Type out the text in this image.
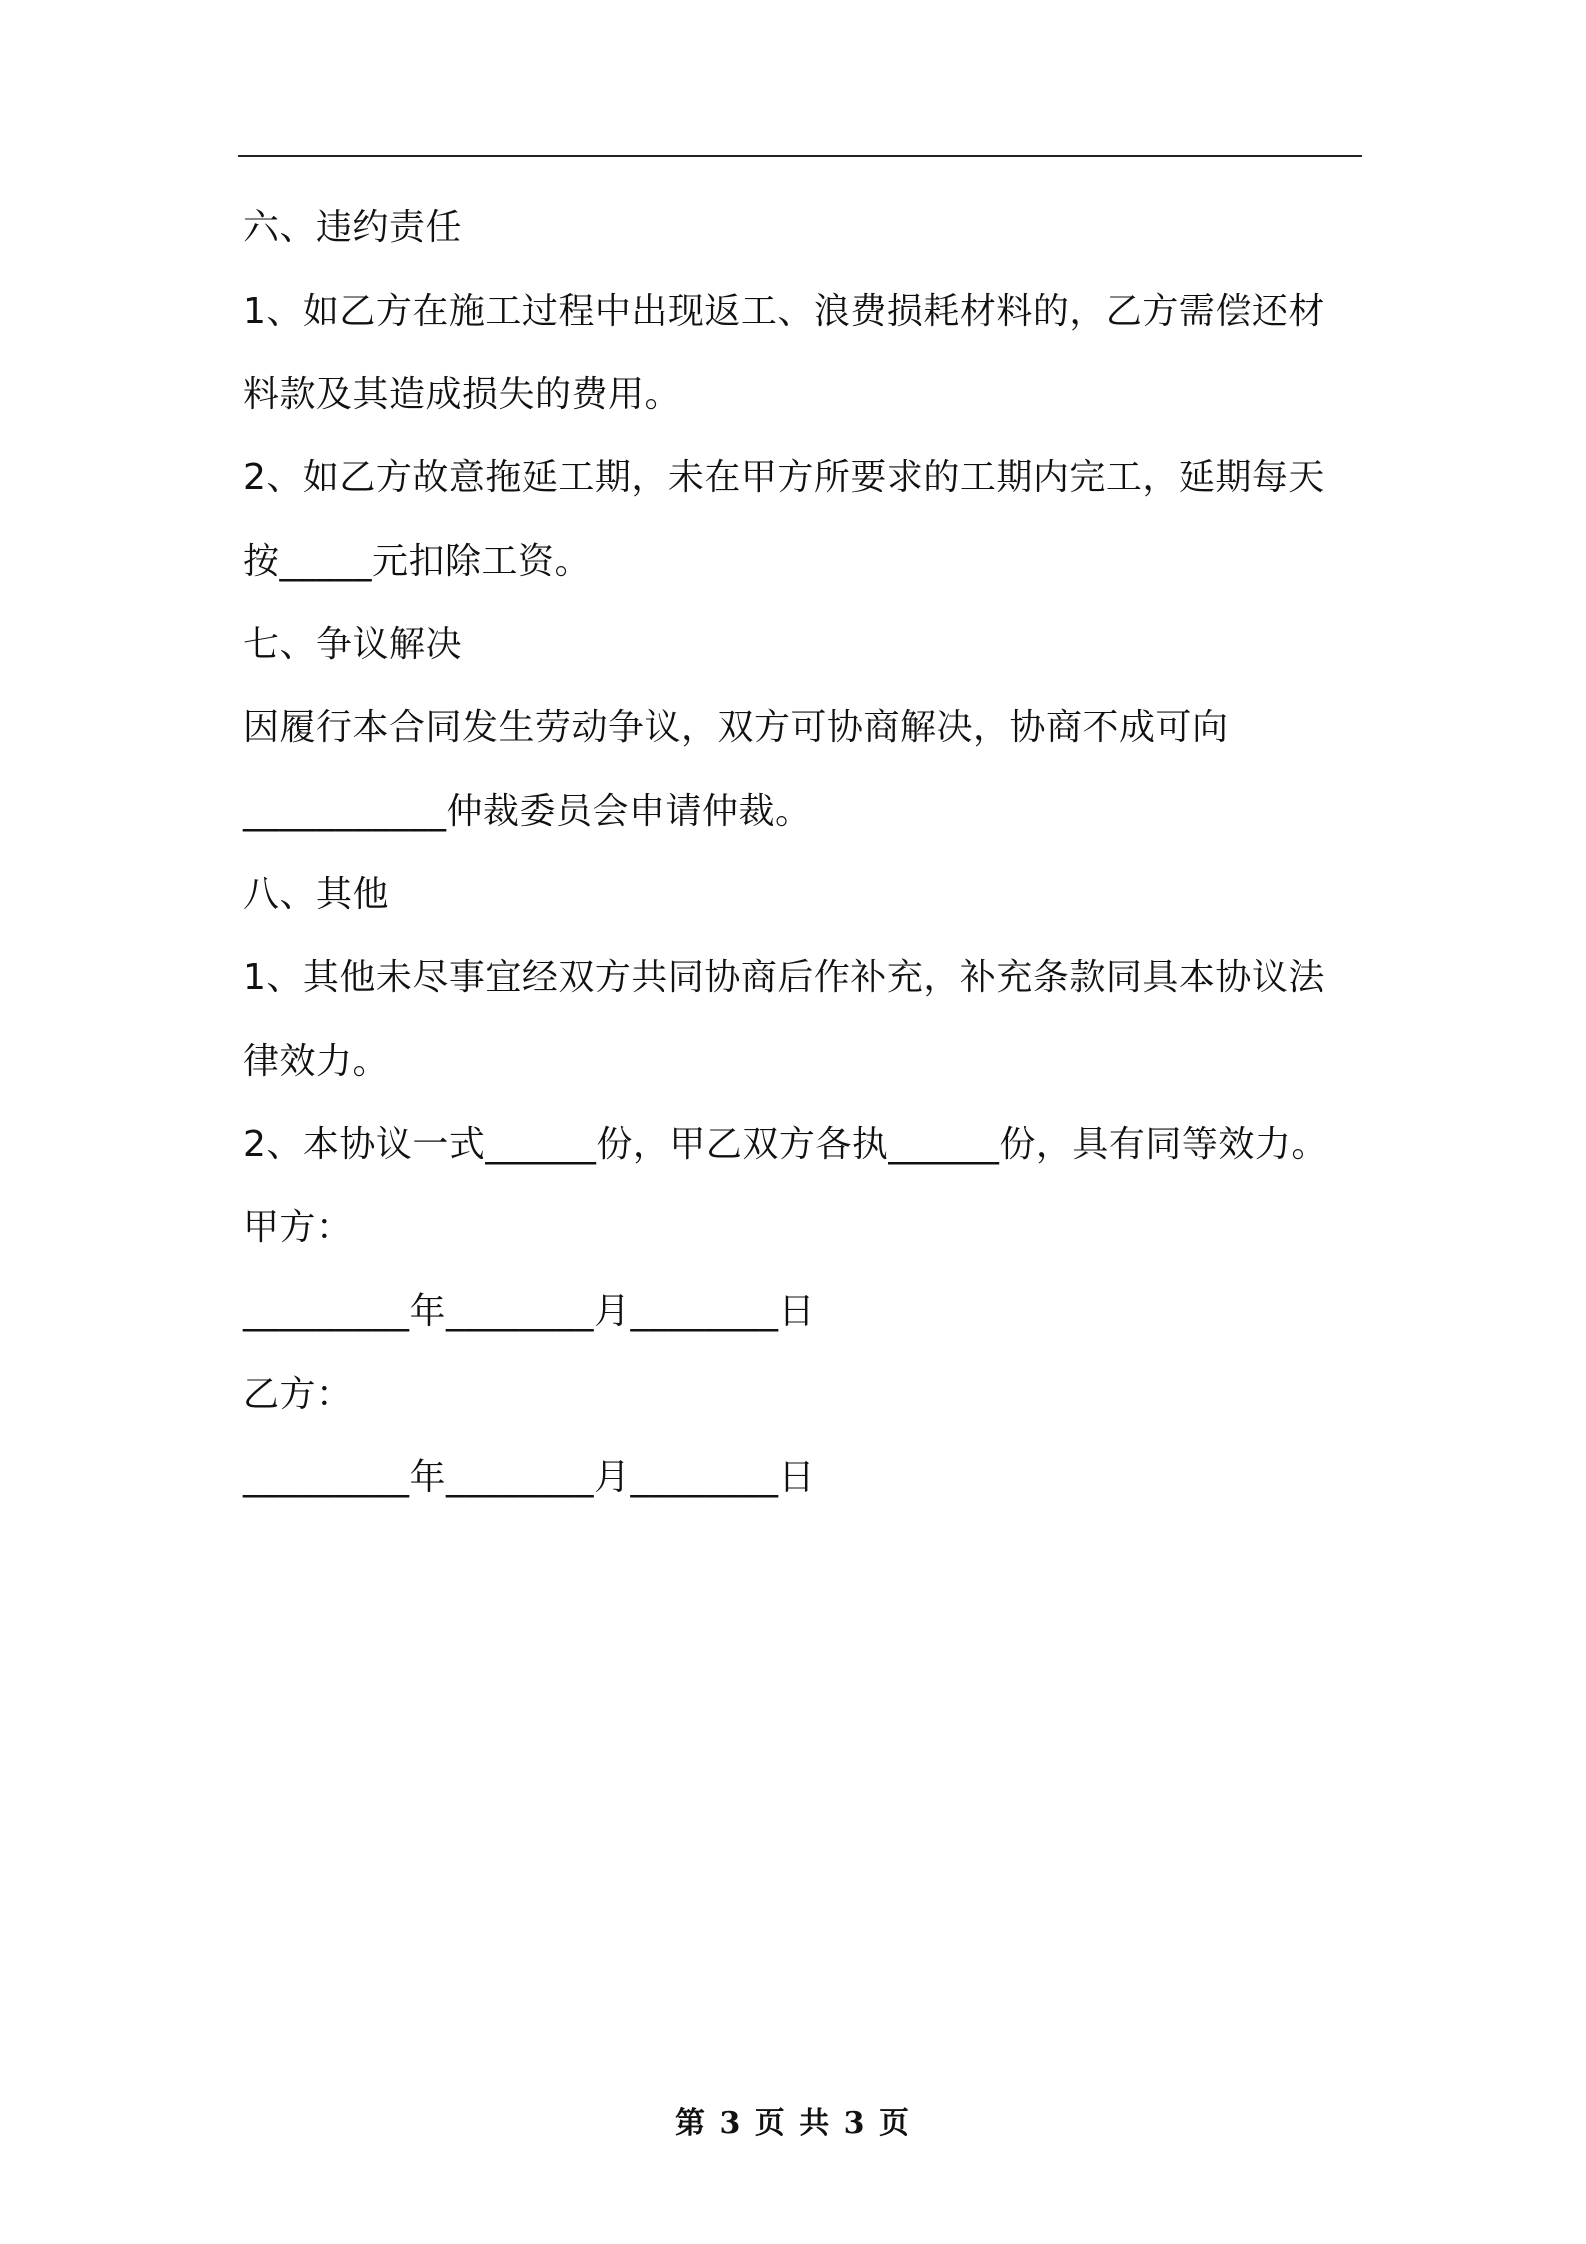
六、违约责任
1、如乙方在施工过程中出现返工、浪费损耗材料的，乙方需偿还材
料款及其造成损失的费用。
2、如乙方故意拖延工期，未在甲方所要求的工期内完工，延期每天
按_____元扣除工资。
七、争议解决
因履行本合同发生劳动争议，双方可协商解决，协商不成可向
___________仲裁委员会申请仲裁。
八、其他
1、其他未尽事宜经双方共同协商后作补充，补充条款同具本协议法
律效力。
2、本协议一式______份，甲乙双方各执______份，具有同等效力。
甲方：
_________年________月________日
乙方：
_________年________月________日
第 3 页 共 3 页
